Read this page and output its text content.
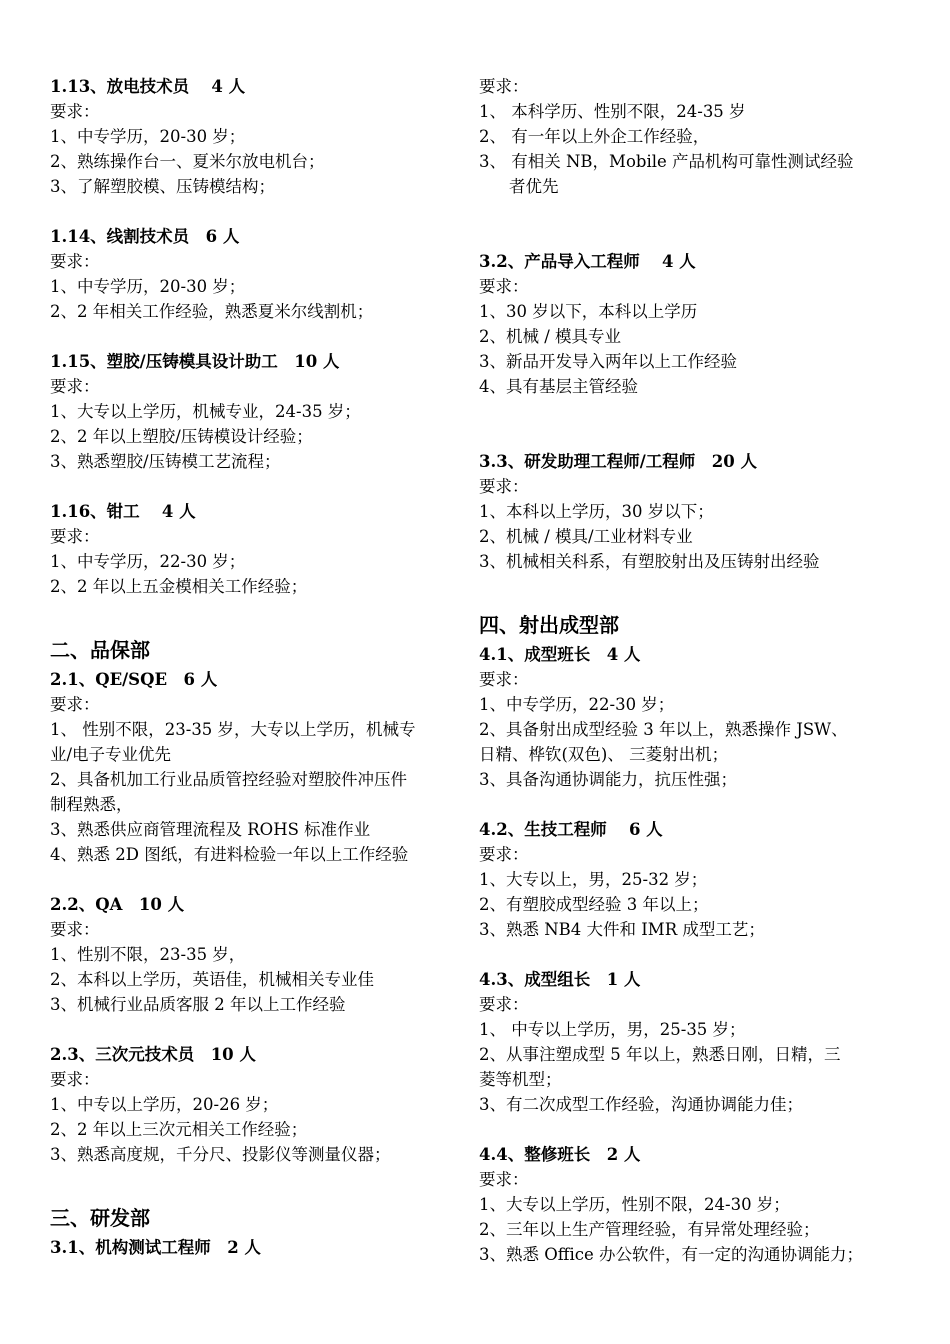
1.13、放电技术员　 4 人
要求：
1、中专学历，20-30 岁；
2、熟练操作台一、夏米尔放电机台；
3、了解塑胶模、压铸模结构；
1.14、线割技术员　6 人
要求：
1、中专学历，20-30 岁；
2、2 年相关工作经验，熟悉夏米尔线割机；
1.15、塑胶/压铸模具设计助工　10 人
要求：
1、大专以上学历，机械专业，24-35 岁；
2、2 年以上塑胶/压铸模设计经验；
3、熟悉塑胶/压铸模工艺流程；
1.16、钳工　 4 人
要求：
1、中专学历，22-30 岁；
2、2 年以上五金模相关工作经验；
二、品保部
2.1、QE/SQE　6 人
要求：
1、 性别不限，23-35 岁，大专以上学历，机械专
业/电子专业优先
2、具备机加工行业品质管控经验对塑胶件冲压件
制程熟悉，
3、熟悉供应商管理流程及 ROHS 标准作业
4、熟悉 2D 图纸，有进料检验一年以上工作经验
2.2、QA　10 人
要求：
1、性别不限，23-35 岁，
2、本科以上学历，英语佳，机械相关专业佳
3、机械行业品质客服 2 年以上工作经验
2.3、三次元技术员　10 人
要求：
1、中专以上学历，20-26 岁；
2、2 年以上三次元相关工作经验；
3、熟悉高度规，千分尺、投影仪等测量仪器；
三、研发部
3.1、机构测试工程师　2 人
要求：
1、 本科学历、性别不限，24-35 岁
2、 有一年以上外企工作经验，
3、 有相关 NB，Mobile 产品机构可靠性测试经验
者优先
3.2、产品导入工程师　 4 人
要求：
1、30 岁以下，本科以上学历
2、机械 / 模具专业
3、新品开发导入两年以上工作经验
4、具有基层主管经验
3.3、研发助理工程师/工程师　20 人
要求：
1、本科以上学历，30 岁以下；
2、机械 / 模具/工业材料专业
3、机械相关科系，有塑胶射出及压铸射出经验
四、射出成型部
4.1、成型班长　4 人
要求：
1、中专学历，22-30 岁；
2、具备射出成型经验 3 年以上，熟悉操作 JSW、
日精、桦钦(双色)、 三菱射出机；
3、具备沟通协调能力，抗压性强；
4.2、生技工程师　 6 人
要求：
1、大专以上，男，25-32 岁；
2、有塑胶成型经验 3 年以上；
3、熟悉 NB4 大件和 IMR 成型工艺；
4.3、成型组长　1 人
要求：
1、 中专以上学历，男，25-35 岁；
2、从事注塑成型 5 年以上，熟悉日刚，日精，三
菱等机型；
3、有二次成型工作经验，沟通协调能力佳；
4.4、整修班长　2 人
要求：
1、大专以上学历，性别不限，24-30 岁；
2、三年以上生产管理经验，有异常处理经验；
3、熟悉 Office 办公软件，有一定的沟通协调能力；
